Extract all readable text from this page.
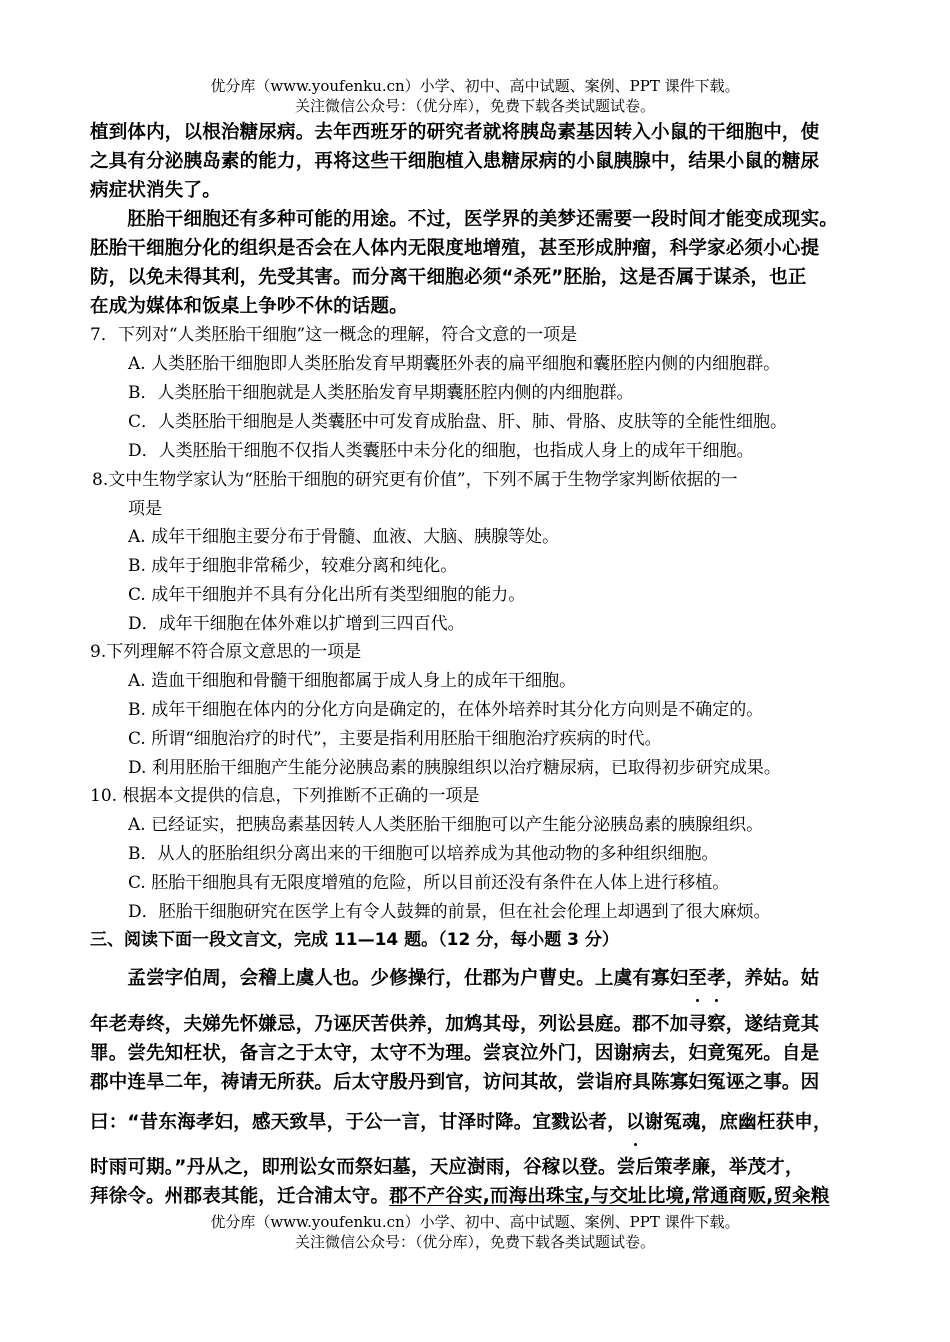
优分库（www.youfenku.cn）小学、初中、高中试题、案例、PPT 课件下载。
关注微信公众号：（优分库），免费下载各类试题试卷。
植到体内，以根治糖尿病。去年西班牙的研究者就将胰岛素基因转入小鼠的干细胞中，使
之具有分泌胰岛素的能力，再将这些干细胞植入患糖尿病的小鼠胰腺中，结果小鼠的糖尿
病症状消失了。
　　胚胎干细胞还有多种可能的用途。不过，医学界的美梦还需要一段时间才能变成现实。
胚胎干细胞分化的组织是否会在人体内无限度地增殖，甚至形成肿瘤，科学家必须小心提
防，以免未得其利，先受其害。而分离干细胞必须“杀死”胚胎，这是否属于谋杀，也正
在成为媒体和饭桌上争吵不休的话题。
7．下列对“人类胚胎干细胞”这一概念的理解，符合文意的一项是
A. 人类胚胎干细胞即人类胚胎发育早期囊胚外表的扁平细胞和囊胚腔内侧的内细胞群。
B．人类胚胎干细胞就是人类胚胎发育早期囊胚腔内侧的内细胞群。
C．人类胚胎干细胞是人类囊胚中可发育成胎盘、肝、肺、骨胳、皮肤等的全能性细胞。
D．人类胚胎干细胞不仅指人类囊胚中未分化的细胞，也指成人身上的成年干细胞。
8.文中生物学家认为“胚胎干细胞的研究更有价值”，下列不属于生物学家判断依据的一
项是
A. 成年干细胞主要分布于骨髓、血液、大脑、胰腺等处。
B. 成年于细胞非常稀少，较难分离和纯化。
C. 成年干细胞并不具有分化出所有类型细胞的能力。
D．成年干细胞在体外难以扩增到三四百代。
9.下列理解不符合原文意思的一项是
A. 造血干细胞和骨髓干细胞都属于成人身上的成年干细胞。
B. 成年干细胞在体内的分化方向是确定的，在体外培养时其分化方向则是不确定的。
C. 所谓“细胞治疗的时代”，主要是指利用胚胎干细胞治疗疾病的时代。
D. 利用胚胎干细胞产生能分泌胰岛素的胰腺组织以治疗糖尿病，已取得初步研究成果。
10. 根据本文提供的信息，下列推断不正确的一项是
A. 已经证实，把胰岛素基因转人人类胚胎干细胞可以产生能分泌胰岛素的胰腺组织。
B．从人的胚胎组织分离出来的干细胞可以培养成为其他动物的多种组织细胞。
C. 胚胎干细胞具有无限度增殖的危险，所以目前还没有条件在人体上进行移植。
D．胚胎干细胞研究在医学上有令人鼓舞的前景，但在社会伦理上却遇到了很大麻烦。
三、阅读下面一段文言文，完成 11—14 题。（12 分，每小题 3 分）
　　孟尝字伯周，会稽上虞人也。少修操行，仕郡为户曹史。上虞有寡妇至孝，养姑。姑
年老寿终，夫娣先怀嫌忌，乃诬厌苦供养，加鸩其母，列讼县庭。郡不加寻察，遂结竟其
罪。尝先知枉状，备言之于太守，太守不为理。尝哀泣外门，因谢病去，妇竟冤死。自是
郡中连旱二年，祷请无所获。后太守殷丹到官，访问其故，尝诣府具陈寡妇冤诬之事。因
曰：“昔东海孝妇，感天致旱，于公一言，甘泽时降。宜戮讼者，以谢冤魂，庶幽枉获申，
时雨可期。”丹从之，即刑讼女而祭妇墓，天应澍雨，谷稼以登。尝后策孝廉，举茂才，
拜徐令。州郡表其能，迁合浦太守。郡不产谷实,而海出珠宝,与交址比境,常通商贩,贸籴粮
优分库（www.youfenku.cn）小学、初中、高中试题、案例、PPT 课件下载。
关注微信公众号：（优分库），免费下载各类试题试卷。
